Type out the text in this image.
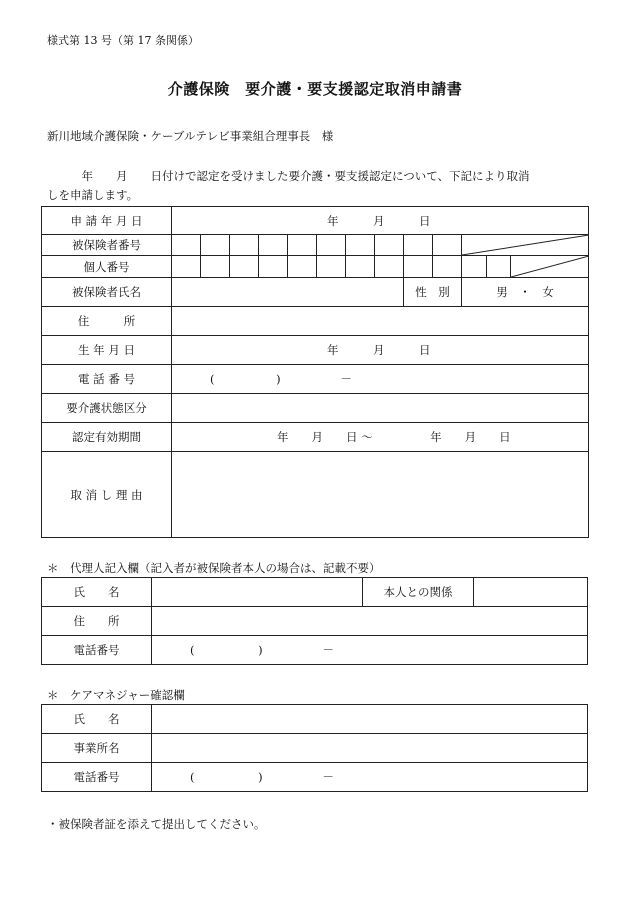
様式第 13 号（第 17 条関係）
介護保険　要介護・要支援認定取消申請書
新川地域介護保険・ケーブルテレビ事業組合理事長　様
　　　年　　月　　日付けで認定を受けました要介護・要支援認定について、下記により取消
しを申請します。
申 請 年 月 日	年　　　月　　　日												
被保険者番号											

個人番号													

被保険者氏名									性　別		男　・　女		
住　　　所													
生 年 月 日	年　　　月　　　日												
電 話 番 号	( ) －												
要介護状態区分													
認定有効期間	年　　月　　日 〜　　　　　年　　月　　日												
取 消 し 理 由													
＊　代理人記入欄（記入者が被保険者本人の場合は、記載不要）
氏　　名		本人との関係	
住　　所			
電話番号	( ) －		
＊　ケアマネジャー確認欄
氏　　名	
事業所名	
電話番号	( ) －
・被保険者証を添えて提出してください。
